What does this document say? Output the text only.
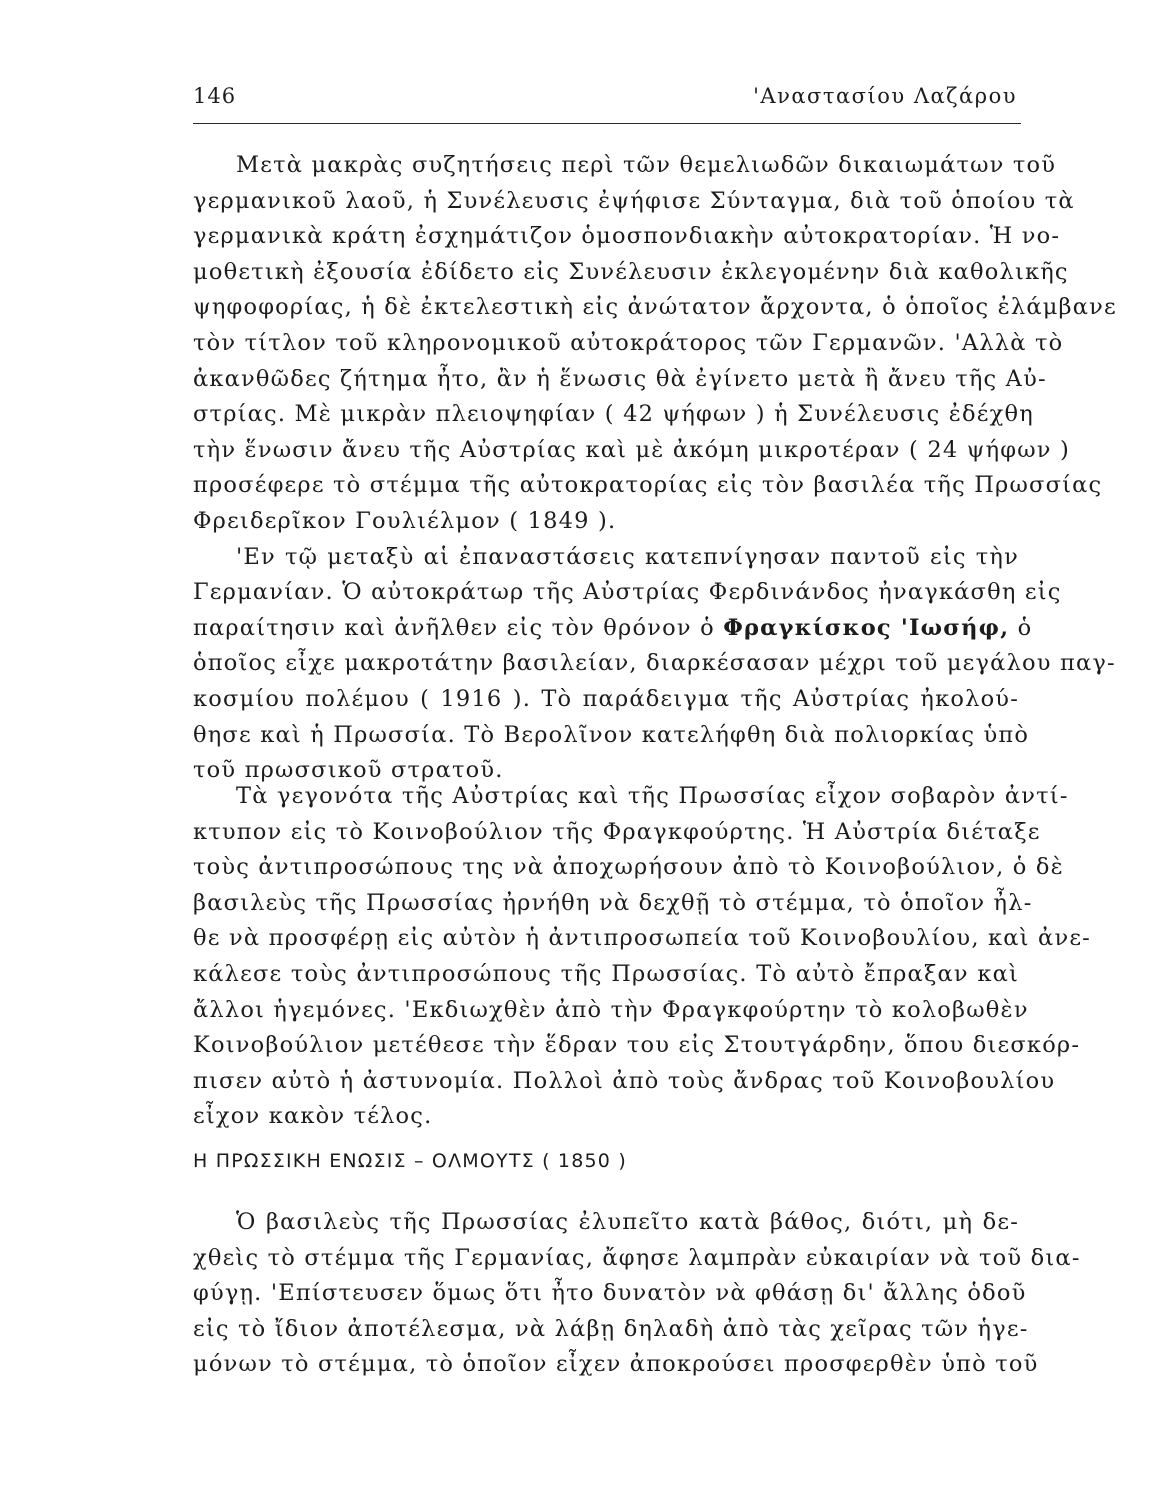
146	'Αναστασίου Λαζάρου
Μετὰ μακρὰς συζητήσεις περὶ τῶν θεμελιωδῶν δικαιωμάτων τοῦ
γερμανικοῦ λαοῦ, ἡ Συνέλευσις ἐψήφισε Σύνταγμα, διὰ τοῦ ὁποίου τὰ
γερμανικὰ κράτη ἐσχημάτιζον ὁμοσπονδιακὴν αὐτοκρατορίαν. Ἡ νο-
μοθετικὴ ἐξουσία ἐδίδετο εἰς Συνέλευσιν ἐκλεγομένην διὰ καθολικῆς
ψηφοφορίας, ἡ δὲ ἐκτελεστικὴ εἰς ἀνώτατον ἄρχοντα, ὁ ὁποῖος ἐλάμβανε
τὸν τίτλον τοῦ κληρονομικοῦ αὐτοκράτορος τῶν Γερμανῶν. 'Αλλὰ τὸ
ἀκανθῶδες ζήτημα ἦτο, ἂν ἡ ἕνωσις θὰ ἐγίνετο μετὰ ἢ ἄνευ τῆς Αὐ-
στρίας. Μὲ μικρὰν πλειοψηφίαν ( 42 ψήφων ) ἡ Συνέλευσις ἐδέχθη
τὴν ἕνωσιν ἄνευ τῆς Αὐστρίας καὶ μὲ ἀκόμη μικροτέραν ( 24 ψήφων )
προσέφερε τὸ στέμμα τῆς αὐτοκρατορίας εἰς τὸν βασιλέα τῆς Πρωσσίας
Φρειδερῖκον Γουλιέλμον ( 1849 ).
'Εν τῷ μεταξὺ αἱ ἐπαναστάσεις κατεπνίγησαν παντοῦ εἰς τὴν
Γερμανίαν. Ὁ αὐτοκράτωρ τῆς Αὐστρίας Φερδινάνδος ἠναγκάσθη εἰς
παραίτησιν καὶ ἀνῆλθεν εἰς τὸν θρόνον ὁ Φραγκίσκος 'Ιωσήφ, ὁ
ὁποῖος εἶχε μακροτάτην βασιλείαν, διαρκέσασαν μέχρι τοῦ μεγάλου παγ-
κοσμίου πολέμου ( 1916 ). Τὸ παράδειγμα τῆς Αὐστρίας ἠκολού-
θησε καὶ ἡ Πρωσσία. Τὸ Βερολῖνον κατελήφθη διὰ πολιορκίας ὑπὸ
τοῦ πρωσσικοῦ στρατοῦ.
Τὰ γεγονότα τῆς Αὐστρίας καὶ τῆς Πρωσσίας εἶχον σοβαρὸν ἀντί-
κτυπον εἰς τὸ Κοινοβούλιον τῆς Φραγκφούρτης. Ἡ Αὐστρία διέταξε
τοὺς ἀντιπροσώπους της νὰ ἀποχωρήσουν ἀπὸ τὸ Κοινοβούλιον, ὁ δὲ
βασιλεὺς τῆς Πρωσσίας ἠρνήθη νὰ δεχθῇ τὸ στέμμα, τὸ ὁποῖον ἦλ-
θε νὰ προσφέρῃ εἰς αὐτὸν ἡ ἀντιπροσωπεία τοῦ Κοινοβουλίου, καὶ ἀνε-
κάλεσε τοὺς ἀντιπροσώπους τῆς Πρωσσίας. Τὸ αὐτὸ ἔπραξαν καὶ
ἄλλοι ἡγεμόνες. 'Εκδιωχθὲν ἀπὸ τὴν Φραγκφούρτην τὸ κολοβωθὲν
Κοινοβούλιον μετέθεσε τὴν ἕδραν του εἰς Στουτγάρδην, ὅπου διεσκόρ-
πισεν αὐτὸ ἡ ἀστυνομία. Πολλοὶ ἀπὸ τοὺς ἄνδρας τοῦ Κοινοβουλίου
εἶχον κακὸν τέλος.
Η ΠΡΩΣΣΙΚΗ ΕΝΩΣΙΣ – ΟΛΜΟΥΤΣ ( 1850 )
Ὁ βασιλεὺς τῆς Πρωσσίας ἐλυπεῖτο κατὰ βάθος, διότι, μὴ δε-
χθεὶς τὸ στέμμα τῆς Γερμανίας, ἄφησε λαμπρὰν εὐκαιρίαν νὰ τοῦ δια-
φύγῃ. 'Επίστευσεν ὅμως ὅτι ἦτο δυνατὸν νὰ φθάσῃ δι' ἄλλης ὁδοῦ
εἰς τὸ ἴδιον ἀποτέλεσμα, νὰ λάβῃ δηλαδὴ ἀπὸ τὰς χεῖρας τῶν ἡγε-
μόνων τὸ στέμμα, τὸ ὁποῖον εἶχεν ἀποκρούσει προσφερθὲν ὑπὸ τοῦ
